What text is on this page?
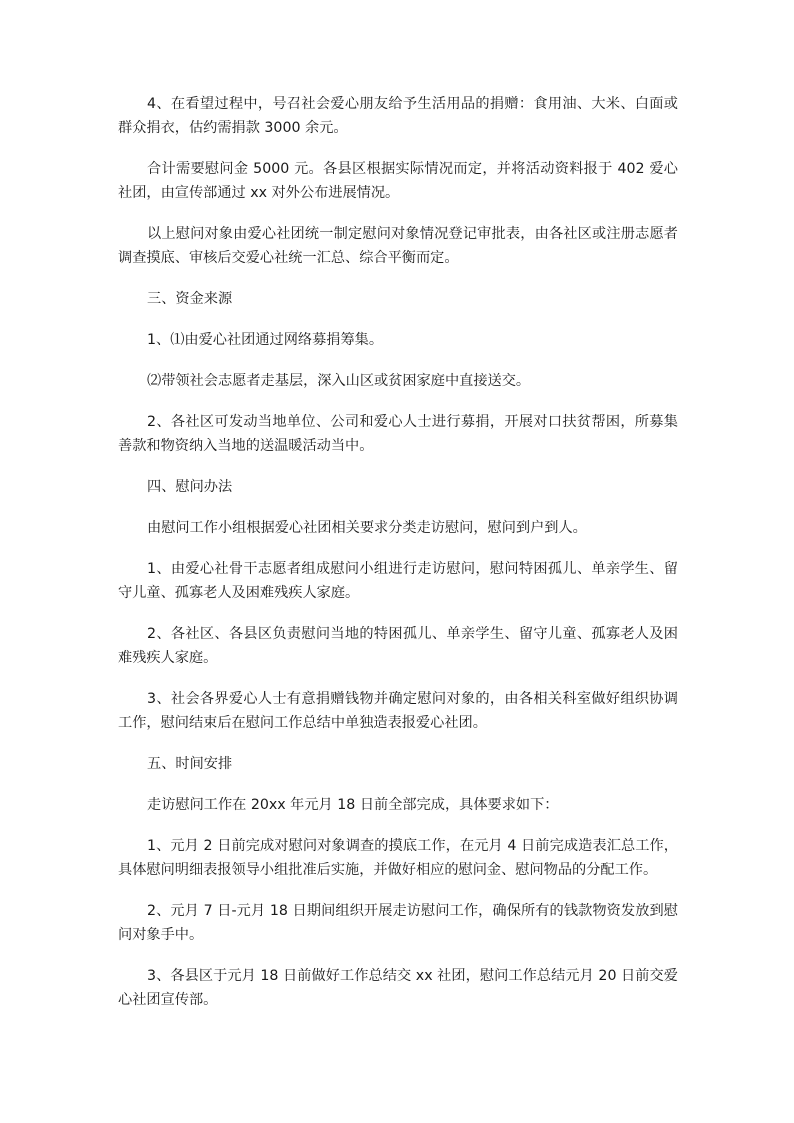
4、在看望过程中，号召社会爱心朋友给予生活用品的捐赠：食用油、大米、白面或群众捐衣，估约需捐款 3000 余元。

合计需要慰问金 5000 元。各县区根据实际情况而定，并将活动资料报于 402 爱心社团，由宣传部通过 xx 对外公布进展情况。

以上慰问对象由爱心社团统一制定慰问对象情况登记审批表，由各社区或注册志愿者调查摸底、审核后交爱心社统一汇总、综合平衡而定。

三、资金来源

1、⑴由爱心社团通过网络募捐筹集。

⑵带领社会志愿者走基层，深入山区或贫困家庭中直接送交。

2、各社区可发动当地单位、公司和爱心人士进行募捐，开展对口扶贫帮困，所募集善款和物资纳入当地的送温暖活动当中。

四、慰问办法

由慰问工作小组根据爱心社团相关要求分类走访慰问，慰问到户到人。

1、由爱心社骨干志愿者组成慰问小组进行走访慰问，慰问特困孤儿、单亲学生、留守儿童、孤寡老人及困难残疾人家庭。

2、各社区、各县区负责慰问当地的特困孤儿、单亲学生、留守儿童、孤寡老人及困难残疾人家庭。

3、社会各界爱心人士有意捐赠钱物并确定慰问对象的，由各相关科室做好组织协调工作，慰问结束后在慰问工作总结中单独造表报爱心社团。

五、时间安排

走访慰问工作在 20xx 年元月 18 日前全部完成，具体要求如下：

1、元月 2 日前完成对慰问对象调查的摸底工作，在元月 4 日前完成造表汇总工作，具体慰问明细表报领导小组批准后实施，并做好相应的慰问金、慰问物品的分配工作。

2、元月 7 日-元月 18 日期间组织开展走访慰问工作，确保所有的钱款物资发放到慰问对象手中。

3、各县区于元月 18 日前做好工作总结交 xx 社团，慰问工作总结元月 20 日前交爱心社团宣传部。
